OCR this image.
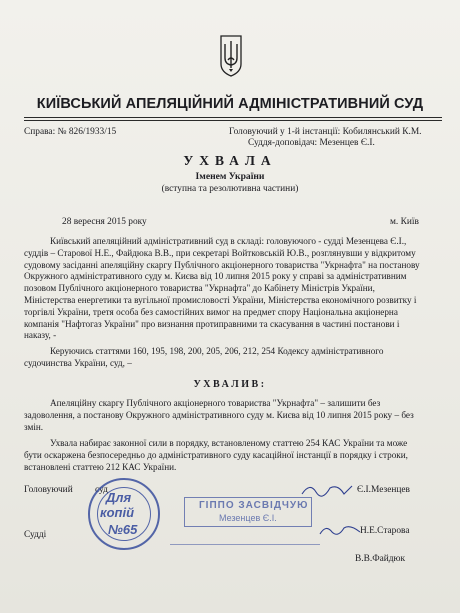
КИЇВСЬКИЙ АПЕЛЯЦІЙНИЙ АДМІНІСТРАТИВНИЙ СУД
Справа: № 826/1933/15	Головуючий у 1-й інстанції: Кобилянський К.М.
Суддя-доповідач: Мезенцев Є.І.
УХВАЛА
Іменем України
(вступна та резолютивна частини)
28 вересня 2015 року	м. Київ
Київський апеляційний адміністративний суд в складі: головуючого - судді Мезенцева Є.І.,
суддів – Старової Н.Е., Файдюка В.В., при секретарі Войтковській Ю.В., розглянувши у відкритому
судовому засіданні апеляційну скаргу Публічного акціонерного товариства "Укрнафта" на постанову
Окружного адміністративного суду м. Києва від 10 липня 2015 року у справі за адміністративним
позовом Публічного акціонерного товариства "Укрнафта" до Кабінету Міністрів України,
Міністерства енергетики та вугільної промисловості України, Міністерства економічного розвитку і
торгівлі України, третя особа без самостійних вимог на предмет спору Національна акціонерна
компанія "Нафтогаз України" про визнання протиправними та скасування в частині постанови і
наказу, -
Керуючись статтями 160, 195, 198, 200, 205, 206, 212, 254 Кодексу адміністративного
судочинства України, суд, –
УХВАЛИВ:
Апеляційну скаргу Публічного акціонерного товариства "Укрнафта" – залишити без
задоволення, а постанову Окружного адміністративного суду м. Києва від 10 липня 2015 року – без
змін.
Ухвала набирає законної сили в порядку, встановленому статтею 254 КАС України та може
бути оскаржена безпосередньо до адміністративного суду касаційної інстанції в порядку і строки,
встановлені статтею 212 КАС України.
Головуючий суд	Є.І.Мезенцев
Н.Е.Старова
Судді
В.В.Файдюк
ГІППО ЗАСВІДЧУЮ
Мезенцев Є.І.
Для
копій
№65
